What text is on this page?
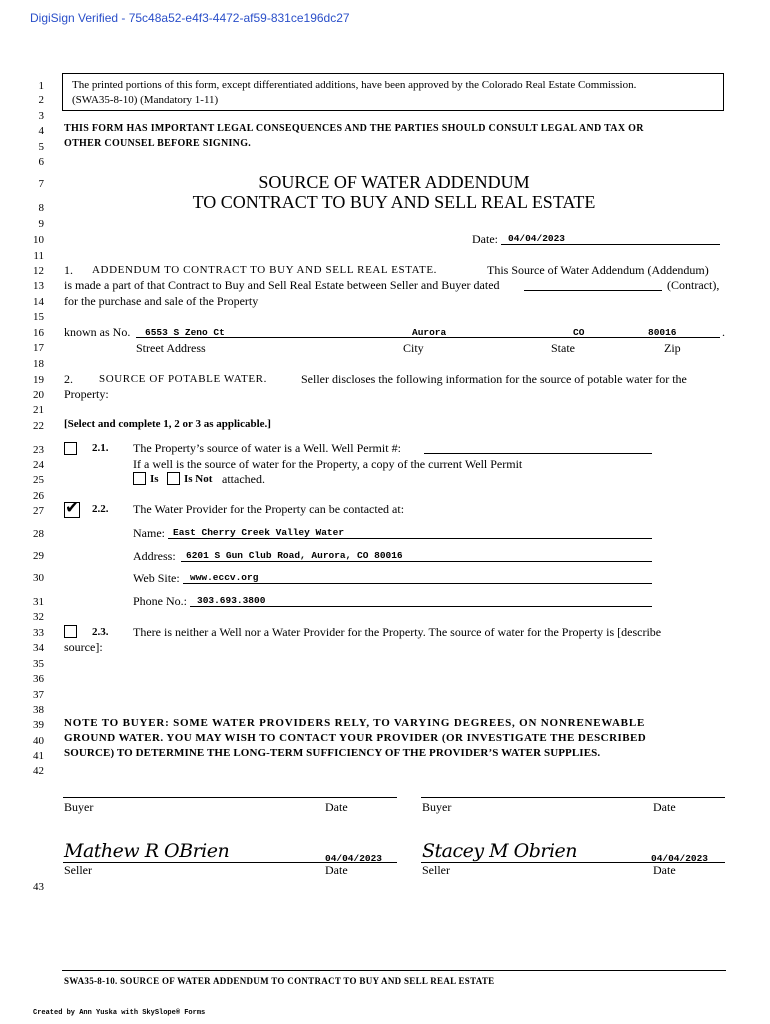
DigiSign Verified - 75c48a52-e4f3-4472-af59-831ce196dc27
1
2
3
4
5
6
7
8
9
10
11
12
13
14
15
16
17
18
19
20
21
22
23
24
25
26
27
28
29
30
31
32
33
34
35
36
37
38
39
40
41
42
43
The printed portions of this form, except differentiated additions, have been approved by the Colorado Real Estate Commission.
(SWA35-8-10) (Mandatory 1-11)
THIS FORM HAS IMPORTANT LEGAL CONSEQUENCES AND THE PARTIES SHOULD CONSULT LEGAL AND TAX OR
OTHER COUNSEL BEFORE SIGNING.
SOURCE OF WATER ADDENDUM
TO CONTRACT TO BUY AND SELL REAL ESTATE
Date: 04/04/2023
1. ADDENDUM TO CONTRACT TO BUY AND SELL REAL ESTATE.	This Source of Water Addendum (Addendum)
is made a part of that Contract to Buy and Sell Real Estate between Seller and Buyer dated	(Contract),
for the purchase and sale of the Property
known as No. 6553 S Zeno Ct	Aurora	CO	80016	.
Street Address	City	State	Zip
2. SOURCE OF POTABLE WATER.	Seller discloses the following information for the source of potable water for the
Property:
[Select and complete 1, 2 or 3 as applicable.]
2.1. The Property’s source of water is a Well. Well Permit #:
If a well is the source of water for the Property, a copy of the current Well Permit
Is Is Not attached.
✔ 2.2. The Water Provider for the Property can be contacted at:
Name: East Cherry Creek Valley Water
Address: 6201 S Gun Club Road, Aurora, CO 80016
Web Site: www.eccv.org
Phone No.: 303.693.3800
2.3. There is neither a Well nor a Water Provider for the Property. The source of water for the Property is [describe
source]:
NOTE TO BUYER: SOME WATER PROVIDERS RELY, TO VARYING DEGREES, ON NONRENEWABLE
GROUND WATER. YOU MAY WISH TO CONTACT YOUR PROVIDER (OR INVESTIGATE THE DESCRIBED
SOURCE) TO DETERMINE THE LONG-TERM SUFFICIENCY OF THE PROVIDER’S WATER SUPPLIES.
Buyer	Date	Buyer	Date
Mathew R OBrien	04/04/2023
Seller	Date
Stacey M Obrien	04/04/2023
Seller	Date
SWA35-8-10. SOURCE OF WATER ADDENDUM TO CONTRACT TO BUY AND SELL REAL ESTATE
Created by Ann Yuska with SkySlope® Forms
